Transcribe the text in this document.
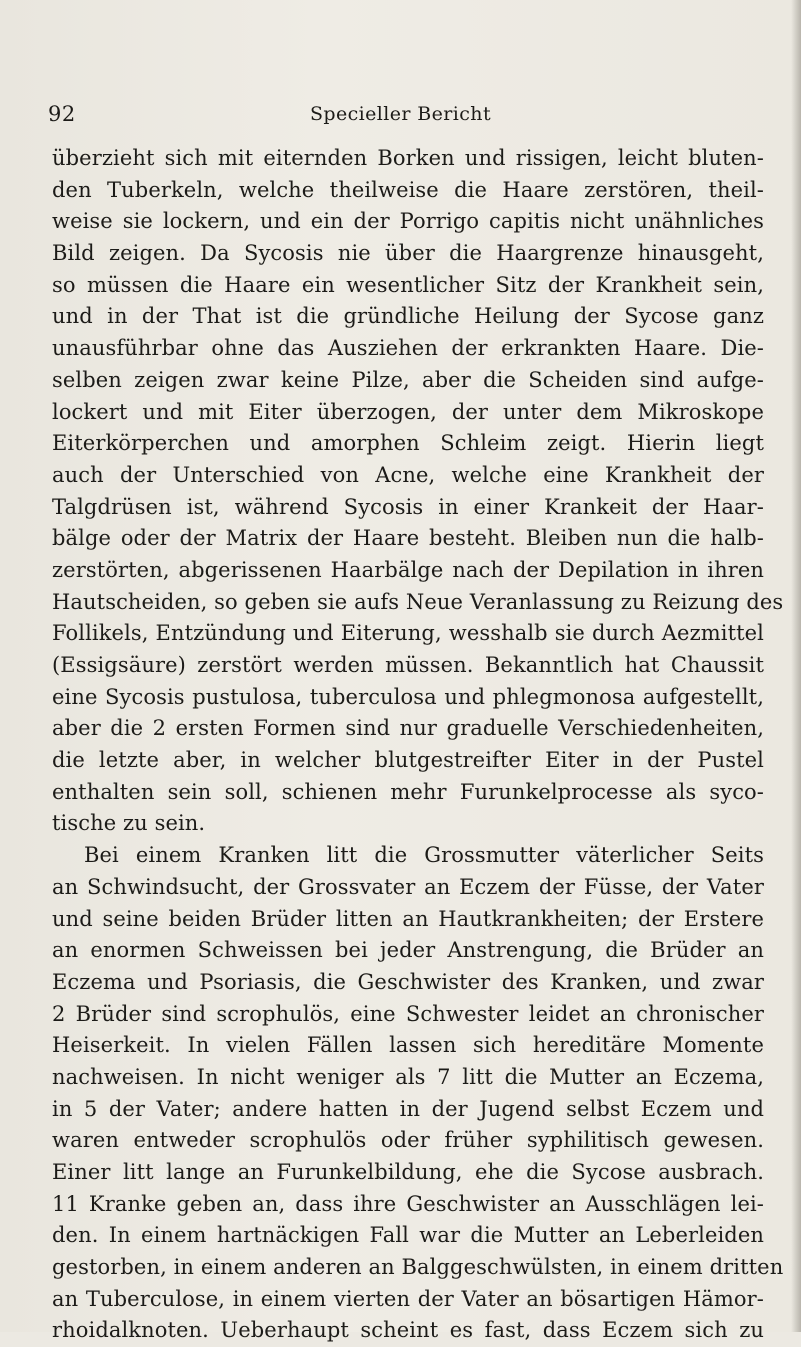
92	Specieller Bericht
überzieht sich mit eiternden Borken und rissigen, leicht bluten-
den Tuberkeln, welche theilweise die Haare zerstören, theil-
weise sie lockern, und ein der Porrigo capitis nicht unähnliches
Bild zeigen. Da Sycosis nie über die Haargrenze hinausgeht,
so müssen die Haare ein wesentlicher Sitz der Krankheit sein,
und in der That ist die gründliche Heilung der Sycose ganz
unausführbar ohne das Ausziehen der erkrankten Haare. Die-
selben zeigen zwar keine Pilze, aber die Scheiden sind aufge-
lockert und mit Eiter überzogen, der unter dem Mikroskope
Eiterkörperchen und amorphen Schleim zeigt. Hierin liegt
auch der Unterschied von Acne, welche eine Krankheit der
Talgdrüsen ist, während Sycosis in einer Krankeit der Haar-
bälge oder der Matrix der Haare besteht. Bleiben nun die halb-
zerstörten, abgerissenen Haarbälge nach der Depilation in ihren
Hautscheiden, so geben sie aufs Neue Veranlassung zu Reizung des
Follikels, Entzündung und Eiterung, wesshalb sie durch Aezmittel
(Essigsäure) zerstört werden müssen. Bekanntlich hat Chaussit
eine Sycosis pustulosa, tuberculosa und phlegmonosa aufgestellt,
aber die 2 ersten Formen sind nur graduelle Verschiedenheiten,
die letzte aber, in welcher blutgestreifter Eiter in der Pustel
enthalten sein soll, schienen mehr Furunkelprocesse als syco-
tische zu sein.
Bei einem Kranken litt die Grossmutter väterlicher Seits
an Schwindsucht, der Grossvater an Eczem der Füsse, der Vater
und seine beiden Brüder litten an Hautkrankheiten; der Erstere
an enormen Schweissen bei jeder Anstrengung, die Brüder an
Eczema und Psoriasis, die Geschwister des Kranken, und zwar
2 Brüder sind scrophulös, eine Schwester leidet an chronischer
Heiserkeit. In vielen Fällen lassen sich hereditäre Momente
nachweisen. In nicht weniger als 7 litt die Mutter an Eczema,
in 5 der Vater; andere hatten in der Jugend selbst Eczem und
waren entweder scrophulös oder früher syphilitisch gewesen.
Einer litt lange an Furunkelbildung, ehe die Sycose ausbrach.
11 Kranke geben an, dass ihre Geschwister an Ausschlägen lei-
den. In einem hartnäckigen Fall war die Mutter an Leberleiden
gestorben, in einem anderen an Balggeschwülsten, in einem dritten
an Tuberculose, in einem vierten der Vater an bösartigen Hämor-
rhoidalknoten. Ueberhaupt scheint es fast, dass Eczem sich zu
